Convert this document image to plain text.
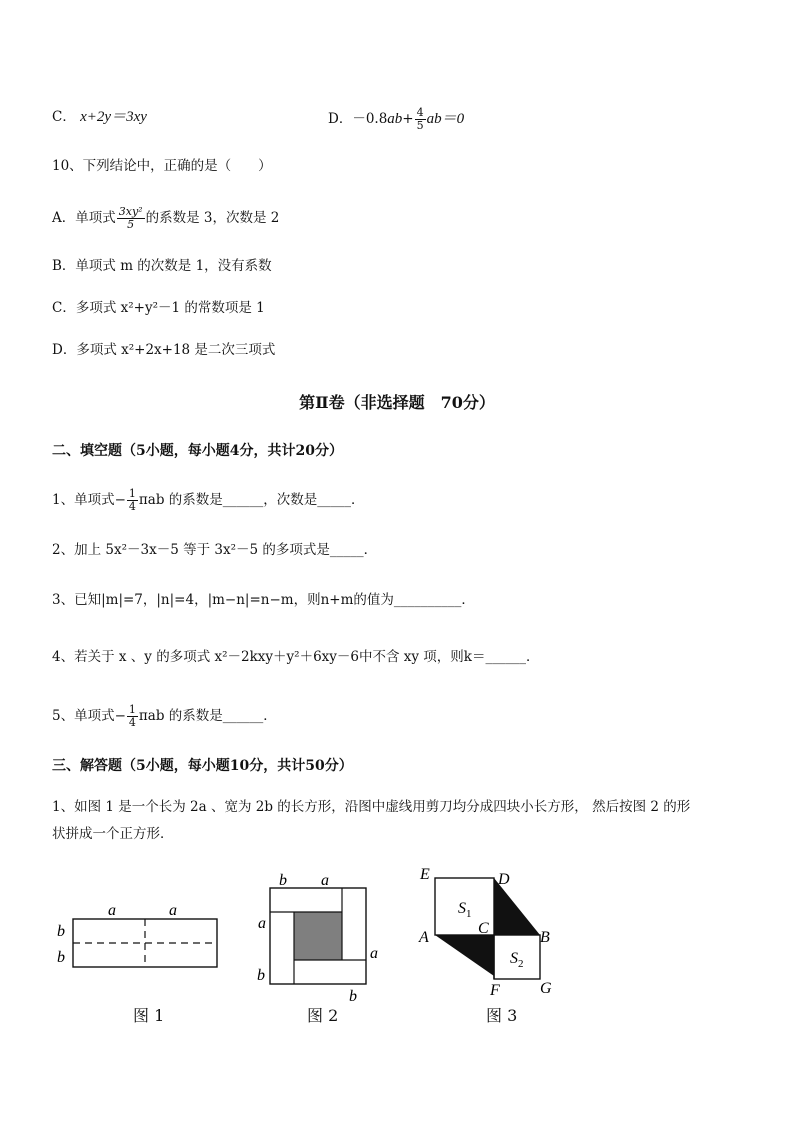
C． x+2y＝3xy	D．$-0.8ab+ \frac{4}{5} ab=0$
10、下列结论中，正确的是（　　）
A．单项式 $\frac{\text{3xy²}}{5}$ 的系数是 3，次数是 2
B．单项式 m 的次数是 1，没有系数
C．多项式 x²+y²－1 的常数项是 1
D．多项式 x²+2x+18 是二次三项式
第Ⅱ卷（非选择题　70分）
二、填空题（5小题，每小题4分，共计20分）
1、单项式− $\frac{1}{4}$ πab 的系数是______，次数是_____．
2、加上 5x²－3x－5 等于 3x²－5 的多项式是_____．
3、已知|m|=7，|n|=4，|m−n|=n−m，则n+m的值为__________．
4、若关于 x 、y 的多项式 x²－2kxy＋y²＋6xy－6中不含 xy 项，则k＝______．
5、单项式− $\frac{1}{4}$ πab 的系数是______．
三、解答题（5小题，每小题10分，共计50分）
1、如图 1 是一个长为 2a 、宽为 2b 的长方形，沿图中虚线用剪刀均分成四块小长方形， 然后按图 2 的形
状拼成一个正方形．
a	a
b
b
图 1
b a
a
a
b
b
图 2
E	D
$S_1$
C
A	B
$S_2$
F	G
图 3
